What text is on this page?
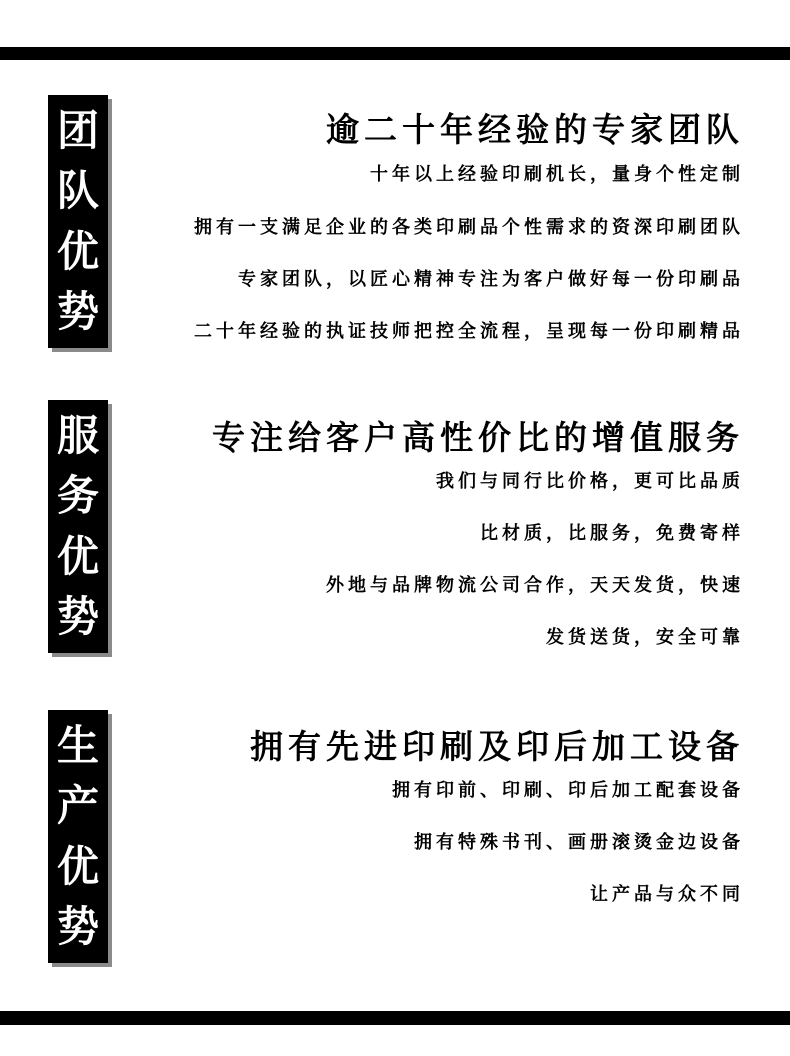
团
队
优
势
逾二十年经验的专家团队
十年以上经验印刷机长，量身个性定制
拥有一支满足企业的各类印刷品个性需求的资深印刷团队
专家团队，以匠心精神专注为客户做好每一份印刷品
二十年经验的执证技师把控全流程，呈现每一份印刷精品
服
务
优
势
专注给客户高性价比的增值服务
我们与同行比价格，更可比品质
比材质，比服务，免费寄样
外地与品牌物流公司合作，天天发货，快速
发货送货，安全可靠
生
产
优
势
拥有先进印刷及印后加工设备
拥有印前、印刷、印后加工配套设备
拥有特殊书刊、画册滚烫金边设备
让产品与众不同
